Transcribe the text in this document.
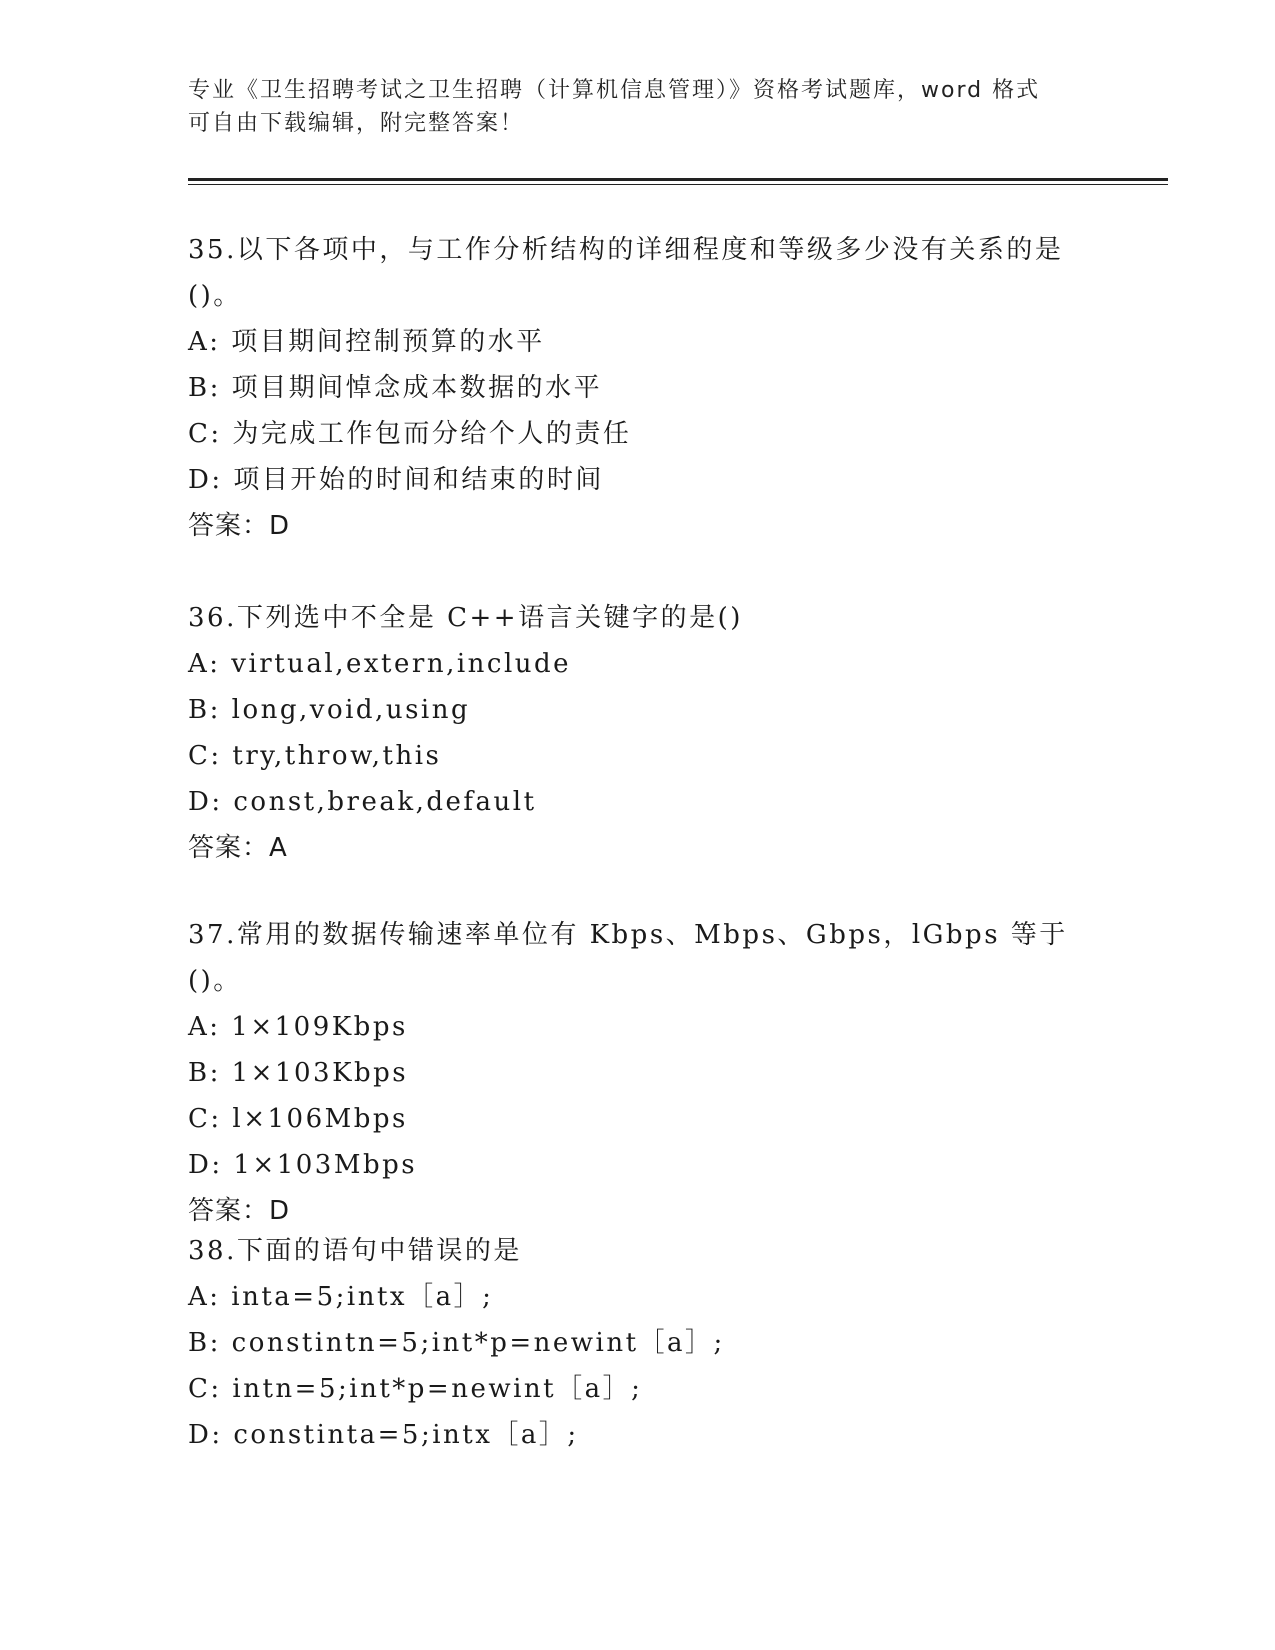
专业《卫生招聘考试之卫生招聘（计算机信息管理）》资格考试题库，word 格式
可自由下载编辑，附完整答案！
35.以下各项中，与工作分析结构的详细程度和等级多少没有关系的是
()。
A: 项目期间控制预算的水平
B: 项目期间悼念成本数据的水平
C: 为完成工作包而分给个人的责任
D: 项目开始的时间和结束的时间
答案：D
36.下列选中不全是 C++语言关键字的是()
A: virtual,extern,include
B: long,void,using
C: try,throw,this
D: const,break,default
答案：A
37.常用的数据传输速率单位有 Kbps、Mbps、Gbps，lGbps 等于()。
A: 1×109Kbps
B: 1×103Kbps
C: l×106Mbps
D: 1×103Mbps
答案：D
38.下面的语句中错误的是
A: inta=5;intx［a］;
B: constintn=5;int*p=newint［a］;
C: intn=5;int*p=newint［a］;
D: constinta=5;intx［a］;
